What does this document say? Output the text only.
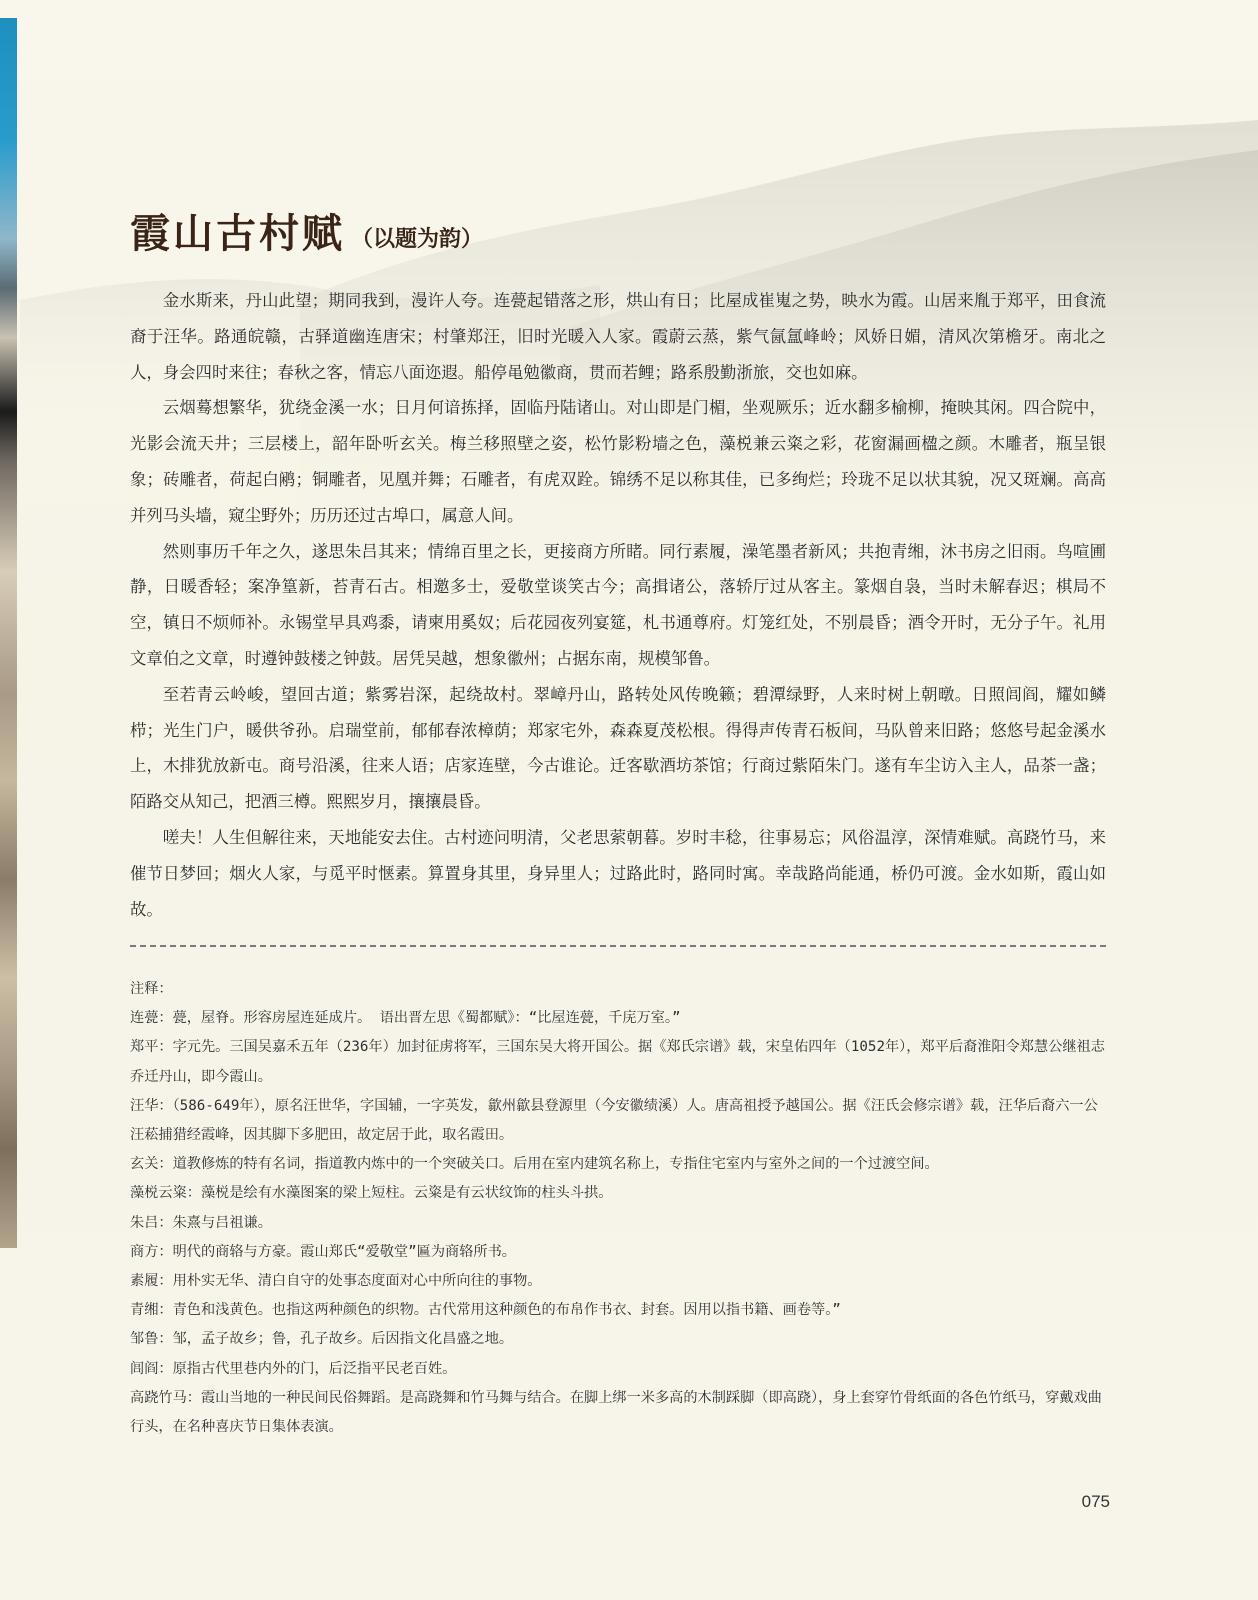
霞山古村赋 （以题为韵）

金水斯来，丹山此望；期同我到，漫许人夸。连甍起错落之形，烘山有日；比屋成崔嵬之势，映水为霞。山居来胤于郑平，田食流裔于汪华。路通皖赣，古驿道幽连唐宋；村肇郑汪，旧时光暖入人家。霞蔚云蒸，紫气氤氲峰岭；风娇日媚，清风次第檐牙。南北之人，身会四时来往；春秋之客，情忘八面迩遐。船停黾勉徽商，贯而若鲤；路系殷勤浙旅，交也如麻。

云烟蓦想繁华，犹绕金溪一水；日月何谙拣择，固临丹陆诸山。对山即是门楣，坐观厥乐；近水翻多榆柳，掩映其闲。四合院中，光影会流天井；三层楼上，韶年卧听玄关。梅兰移照壁之姿，松竹影粉墙之色，藻棁兼云粢之彩，花窗漏画楹之颜。木雕者，瓶呈银象；砖雕者，荷起白鹇；铜雕者，见凰并舞；石雕者，有虎双跧。锦绣不足以称其佳，已多绚烂；玲珑不足以状其貌，况又斑斓。高高并列马头墙，窥尘野外；历历还过古埠口，属意人间。

然则事历千年之久，遂思朱吕其来；情绵百里之长，更接商方所睹。同行素履，澡笔墨者新风；共抱青缃，沐书房之旧雨。鸟喧圃静，日暖香轻；案净篁新，苔青石古。相邀多士，爱敬堂谈笑古今；高揖诸公，落轿厅过从客主。篆烟自袅，当时未解春迟；棋局不空，镇日不烦师补。永锡堂早具鸡黍，请柬用奚奴；后花园夜列宴筵，札书通尊府。灯笼红处，不别晨昏；酒令开时，无分子午。礼用文章伯之文章，时遵钟鼓楼之钟鼓。居凭吴越，想象徽州；占据东南，规模邹鲁。

至若青云岭峻，望回古道；紫雾岩深，起绕故村。翠嶂丹山，路转处风传晚籁；碧潭绿野，人来时树上朝暾。日照闾阎，耀如鳞栉；光生门户，暖供爷孙。启瑞堂前，郁郁春浓樟荫；郑家宅外，森森夏茂松根。得得声传青石板间，马队曾来旧路；悠悠号起金溪水上，木排犹放新屯。商号沿溪，往来人语；店家连壁，今古谁论。迁客歇酒坊茶馆；行商过紫陌朱门。遂有车尘访入主人，品茶一盏；陌路交从知己，把酒三樽。熙熙岁月，攘攘晨昏。

嗟夫！人生但解往来，天地能安去住。古村迹问明清，父老思萦朝暮。岁时丰稔，往事易忘；风俗温淳，深情难赋。高跷竹马，来催节日梦回；烟火人家，与觅平时惬素。算置身其里，身异里人；过路此时，路同时寓。幸哉路尚能通，桥仍可渡。金水如斯，霞山如故。

注释：

连甍：甍，屋脊。形容房屋连延成片。 语出晋左思《蜀都赋》：“比屋连甍，千庑万室。”

郑平：字元先。三国吴嘉禾五年（236年）加封征虏将军，三国东吴大将开国公。据《郑氏宗谱》载，宋皇佑四年（1052年），郑平后裔淮阳令郑慧公继祖志乔迁丹山，即今霞山。

汪华：（586-649年），原名汪世华，字国辅，一字英发，歙州歙县登源里（今安徽绩溪）人。唐高祖授予越国公。据《汪氏会修宗谱》载，汪华后裔六一公汪菘捕猎经霞峰，因其脚下多肥田，故定居于此，取名霞田。

玄关：道教修炼的特有名词，指道教内炼中的一个突破关口。后用在室内建筑名称上，专指住宅室内与室外之间的一个过渡空间。

藻棁云粢：藻棁是绘有水藻图案的梁上短柱。云粢是有云状纹饰的柱头斗拱。

朱吕：朱熹与吕祖谦。

商方：明代的商辂与方豪。霞山郑氏“爱敬堂”匾为商辂所书。

素履：用朴实无华、清白自守的处事态度面对心中所向往的事物。

青缃：青色和浅黄色。也指这两种颜色的织物。古代常用这种颜色的布帛作书衣、封套。因用以指书籍、画卷等。”

邹鲁：邹，孟子故乡；鲁，孔子故乡。后因指文化昌盛之地。

闾阎：原指古代里巷内外的门，后泛指平民老百姓。

高跷竹马：霞山当地的一种民间民俗舞蹈。是高跷舞和竹马舞与结合。在脚上绑一米多高的木制踩脚（即高跷），身上套穿竹骨纸面的各色竹纸马，穿戴戏曲行头，在名种喜庆节日集体表演。

075
